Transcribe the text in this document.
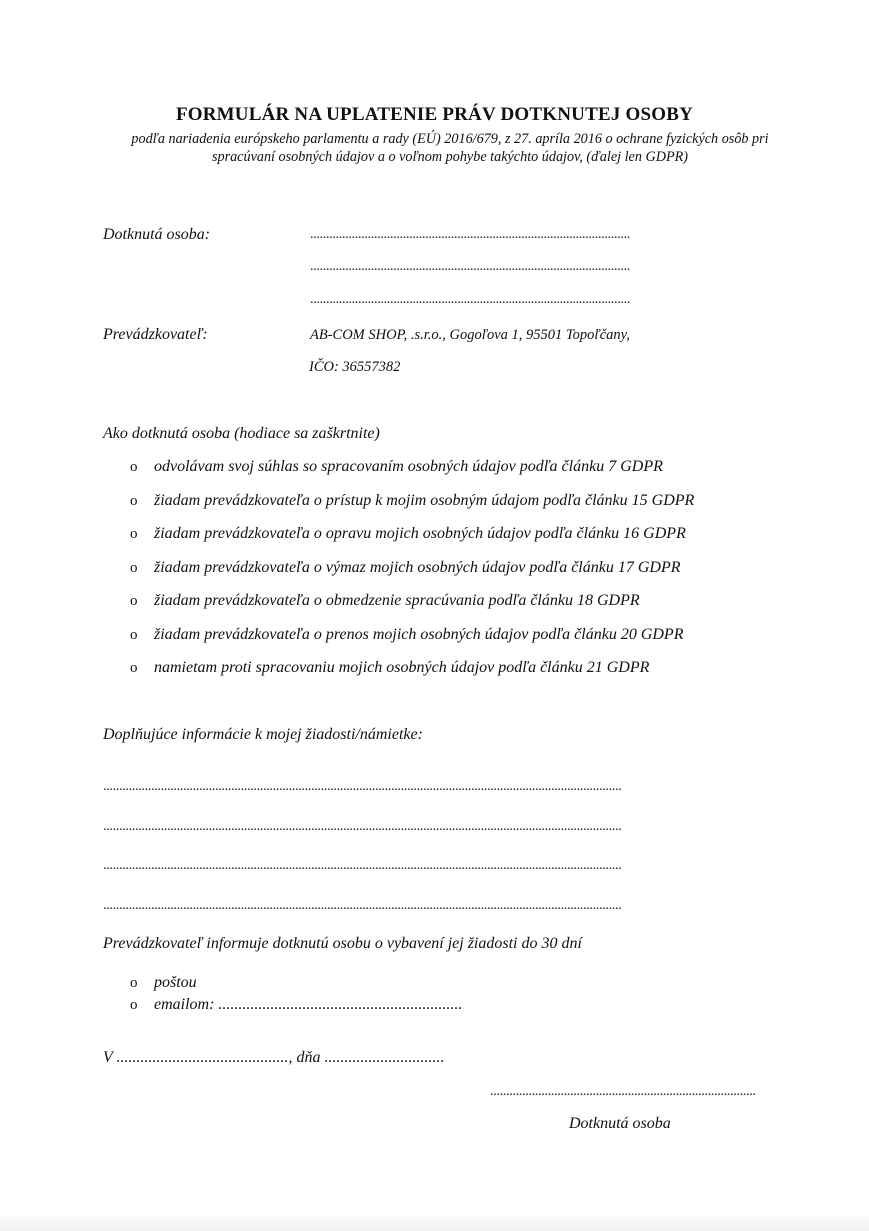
FORMULÁR NA UPLATENIE PRÁV DOTKNUTEJ OSOBY
podľa nariadenia európskeho parlamentu a rady (EÚ) 2016/679, z 27. apríla 2016 o ochrane fyzických osôb pri spracúvaní osobných údajov a o voľnom pohybe takýchto údajov, (ďalej len GDPR)
Dotknutá osoba:	....................................................................................................
....................................................................................................
....................................................................................................
Prevádzkovateľ:	AB-COM SHOP, .s.r.o., Gogoľova 1, 95501 Topoľčany,
IČO: 36557382
Ako dotknutá osoba (hodiace sa zaškrtnite)
o odvolávam svoj súhlas so spracovaním osobných údajov podľa článku 7 GDPR
o žiadam prevádzkovateľa o prístup k mojim osobným údajom podľa článku 15 GDPR
o žiadam prevádzkovateľa o opravu mojich osobných údajov podľa článku 16 GDPR
o žiadam prevádzkovateľa o výmaz mojich osobných údajov podľa článku 17 GDPR
o žiadam prevádzkovateľa o obmedzenie spracúvania podľa článku 18 GDPR
o žiadam prevádzkovateľa o prenos mojich osobných údajov podľa článku 20 GDPR
o namietam proti spracovaniu mojich osobných údajov podľa článku 21 GDPR
Doplňujúce informácie k mojej žiadosti/námietke:
..................................................................................................................................................................
..................................................................................................................................................................
..................................................................................................................................................................
..................................................................................................................................................................
Prevádzkovateľ informuje dotknutú osobu o vybavení jej žiadosti do 30 dní
o poštou
o emailom: .............................................................
V ..........................................., dňa ..............................
...................................................................................
Dotknutá osoba
